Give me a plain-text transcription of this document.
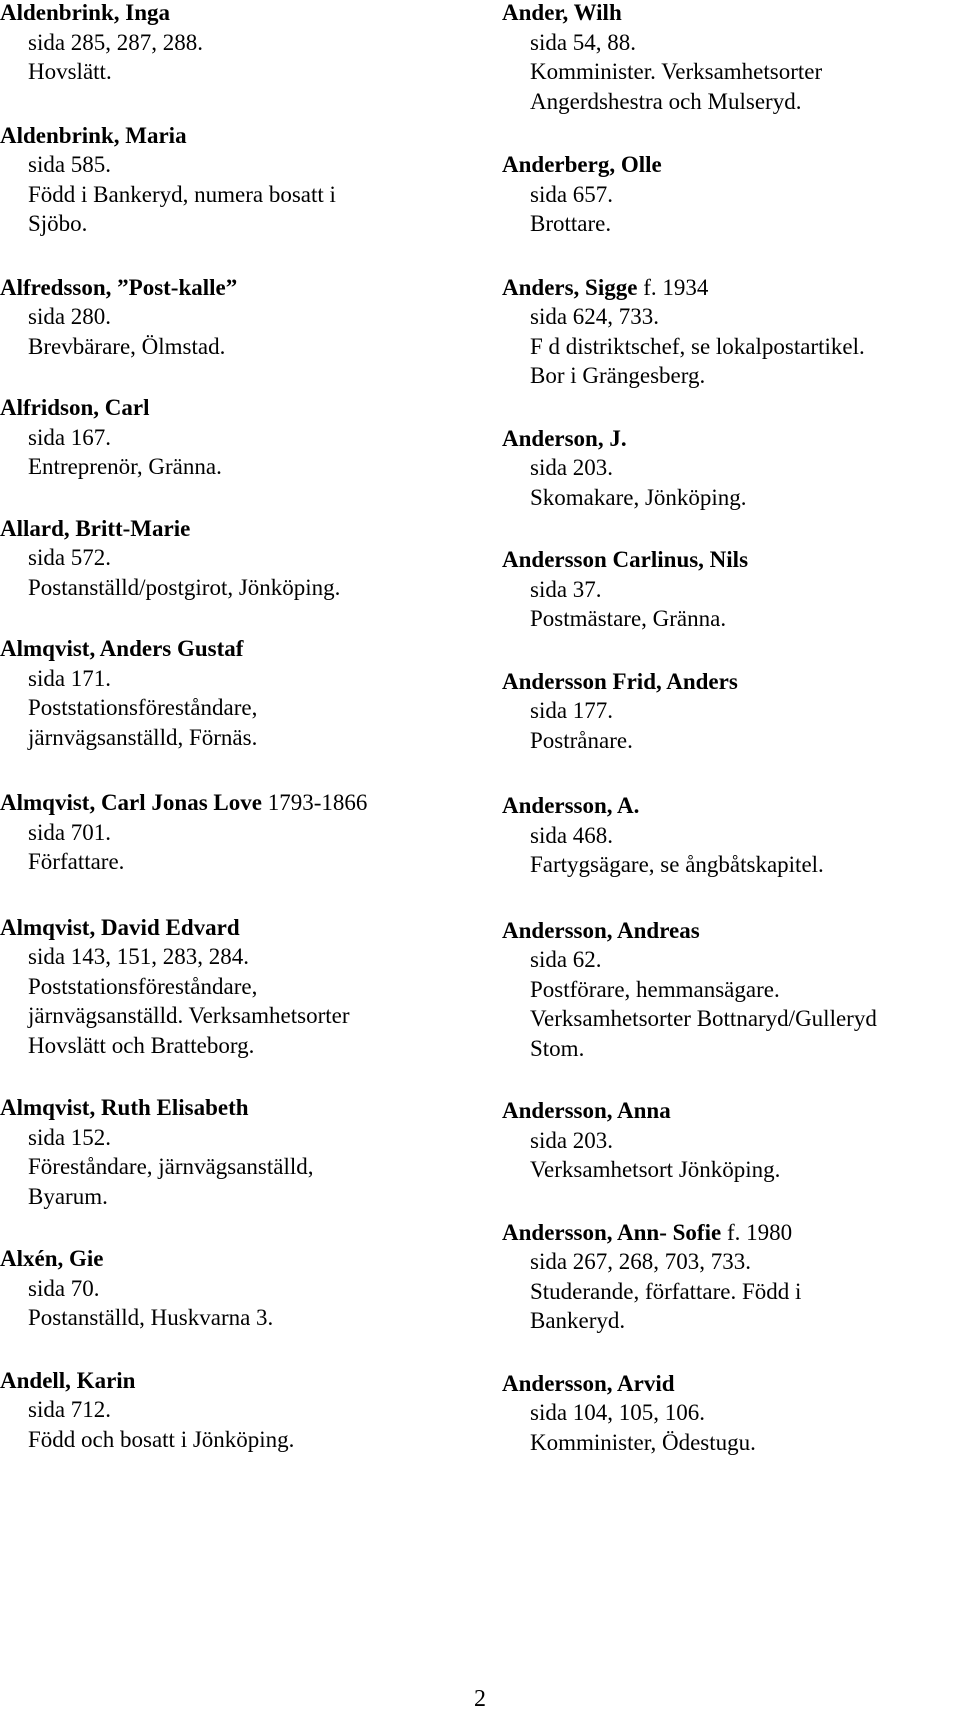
Aldenbrink, Inga
sida 285, 287, 288.
Hovslätt.
Aldenbrink, Maria
sida 585.
Född i Bankeryd, numera bosatt i
Sjöbo.
Alfredsson, ”Post-kalle”
sida 280.
Brevbärare, Ölmstad.
Alfridson, Carl
sida 167.
Entreprenör, Gränna.
Allard, Britt-Marie
sida 572.
Postanställd/postgirot, Jönköping.
Almqvist, Anders Gustaf
sida 171.
Poststationsföreståndare,
järnvägsanställd, Förnäs.
Almqvist, Carl Jonas Love 1793-1866
sida 701.
Författare.
Almqvist, David Edvard
sida 143, 151, 283, 284.
Poststationsföreståndare,
järnvägsanställd. Verksamhetsorter
Hovslätt och Bratteborg.
Almqvist, Ruth Elisabeth
sida 152.
Föreståndare, järnvägsanställd,
Byarum.
Alxén, Gie
sida 70.
Postanställd, Huskvarna 3.
Andell, Karin
sida 712.
Född och bosatt i Jönköping.
Ander, Wilh
sida 54, 88.
Komminister. Verksamhetsorter
Angerdshestra och Mulseryd.
Anderberg, Olle
sida 657.
Brottare.
Anders, Sigge f. 1934
sida 624, 733.
F d distriktschef, se lokalpostartikel.
Bor i Grängesberg.
Anderson, J.
sida 203.
Skomakare, Jönköping.
Andersson Carlinus, Nils
sida 37.
Postmästare, Gränna.
Andersson Frid, Anders
sida 177.
Postrånare.
Andersson, A.
sida 468.
Fartygsägare, se ångbåtskapitel.
Andersson, Andreas
sida 62.
Postförare, hemmansägare.
Verksamhetsorter Bottnaryd/Gulleryd
Stom.
Andersson, Anna
sida 203.
Verksamhetsort Jönköping.
Andersson, Ann- Sofie f. 1980
sida 267, 268, 703, 733.
Studerande, författare. Född i
Bankeryd.
Andersson, Arvid
sida 104, 105, 106.
Komminister, Ödestugu.
2
